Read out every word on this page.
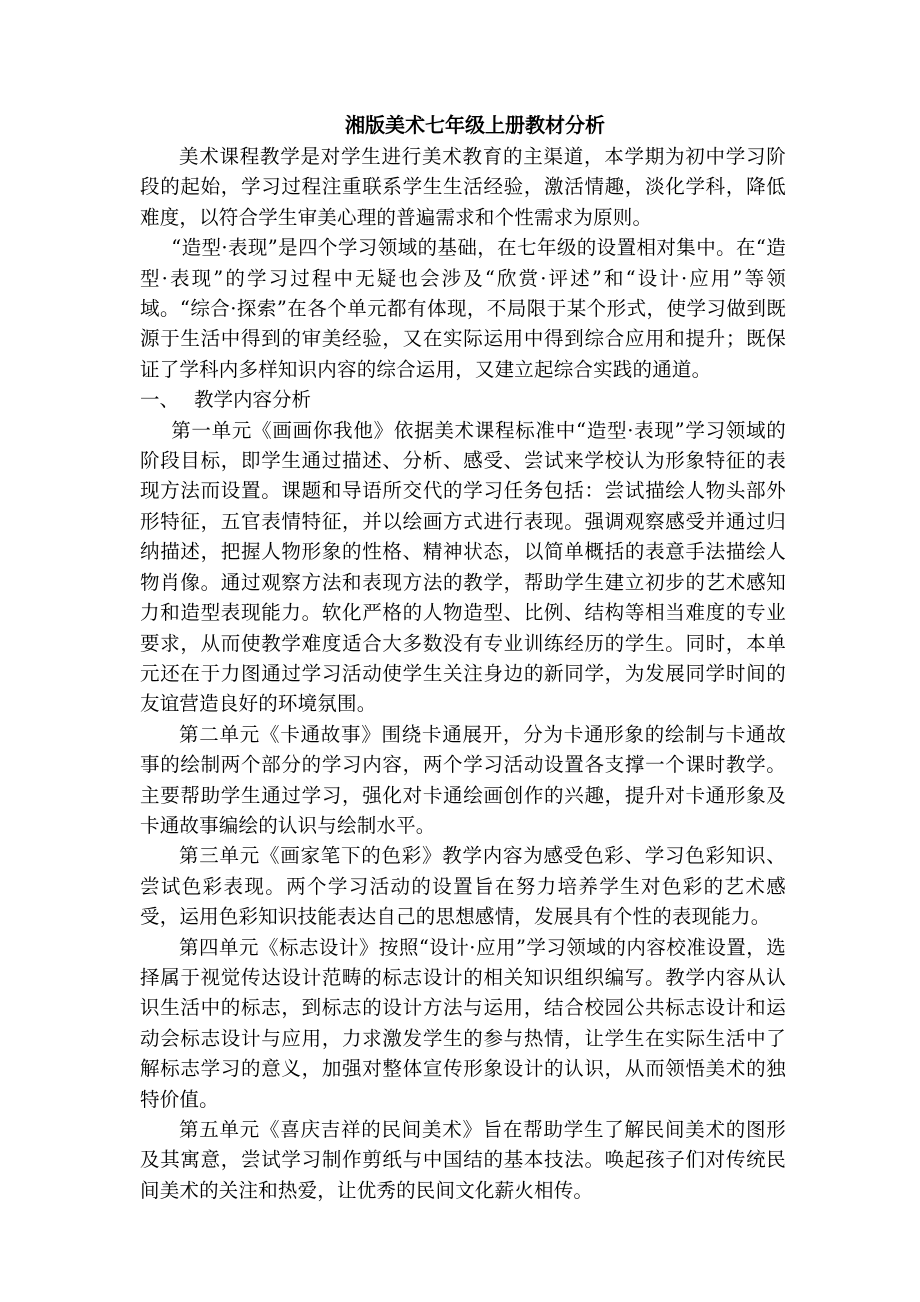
湘版美术七年级上册教材分析

美术课程教学是对学生进行美术教育的主渠道，本学期为初中学习阶段的起始，学习过程注重联系学生生活经验，激活情趣，淡化学科，降低难度，以符合学生审美心理的普遍需求和个性需求为原则。

“造型·表现”是四个学习领域的基础，在七年级的设置相对集中。在“造型·表现”的学习过程中无疑也会涉及“欣赏·评述”和“设计·应用”等领域。“综合·探索”在各个单元都有体现，不局限于某个形式，使学习做到既源于生活中得到的审美经验，又在实际运用中得到综合应用和提升；既保证了学科内多样知识内容的综合运用，又建立起综合实践的通道。

一、 教学内容分析

第一单元《画画你我他》依据美术课程标准中“造型·表现”学习领域的阶段目标，即学生通过描述、分析、感受、尝试来学校认为形象特征的表现方法而设置。课题和导语所交代的学习任务包括：尝试描绘人物头部外形特征，五官表情特征，并以绘画方式进行表现。强调观察感受并通过归纳描述，把握人物形象的性格、精神状态，以简单概括的表意手法描绘人物肖像。通过观察方法和表现方法的教学，帮助学生建立初步的艺术感知力和造型表现能力。软化严格的人物造型、比例、结构等相当难度的专业要求，从而使教学难度适合大多数没有专业训练经历的学生。同时，本单元还在于力图通过学习活动使学生关注身边的新同学，为发展同学时间的友谊营造良好的环境氛围。

第二单元《卡通故事》围绕卡通展开，分为卡通形象的绘制与卡通故事的绘制两个部分的学习内容，两个学习活动设置各支撑一个课时教学。主要帮助学生通过学习，强化对卡通绘画创作的兴趣，提升对卡通形象及卡通故事编绘的认识与绘制水平。

第三单元《画家笔下的色彩》教学内容为感受色彩、学习色彩知识、尝试色彩表现。两个学习活动的设置旨在努力培养学生对色彩的艺术感受，运用色彩知识技能表达自己的思想感情，发展具有个性的表现能力。

第四单元《标志设计》按照“设计·应用”学习领域的内容校准设置，选择属于视觉传达设计范畴的标志设计的相关知识组织编写。教学内容从认识生活中的标志，到标志的设计方法与运用，结合校园公共标志设计和运动会标志设计与应用，力求激发学生的参与热情，让学生在实际生活中了解标志学习的意义，加强对整体宣传形象设计的认识，从而领悟美术的独特价值。

第五单元《喜庆吉祥的民间美术》旨在帮助学生了解民间美术的图形及其寓意，尝试学习制作剪纸与中国结的基本技法。唤起孩子们对传统民间美术的关注和热爱，让优秀的民间文化薪火相传。
